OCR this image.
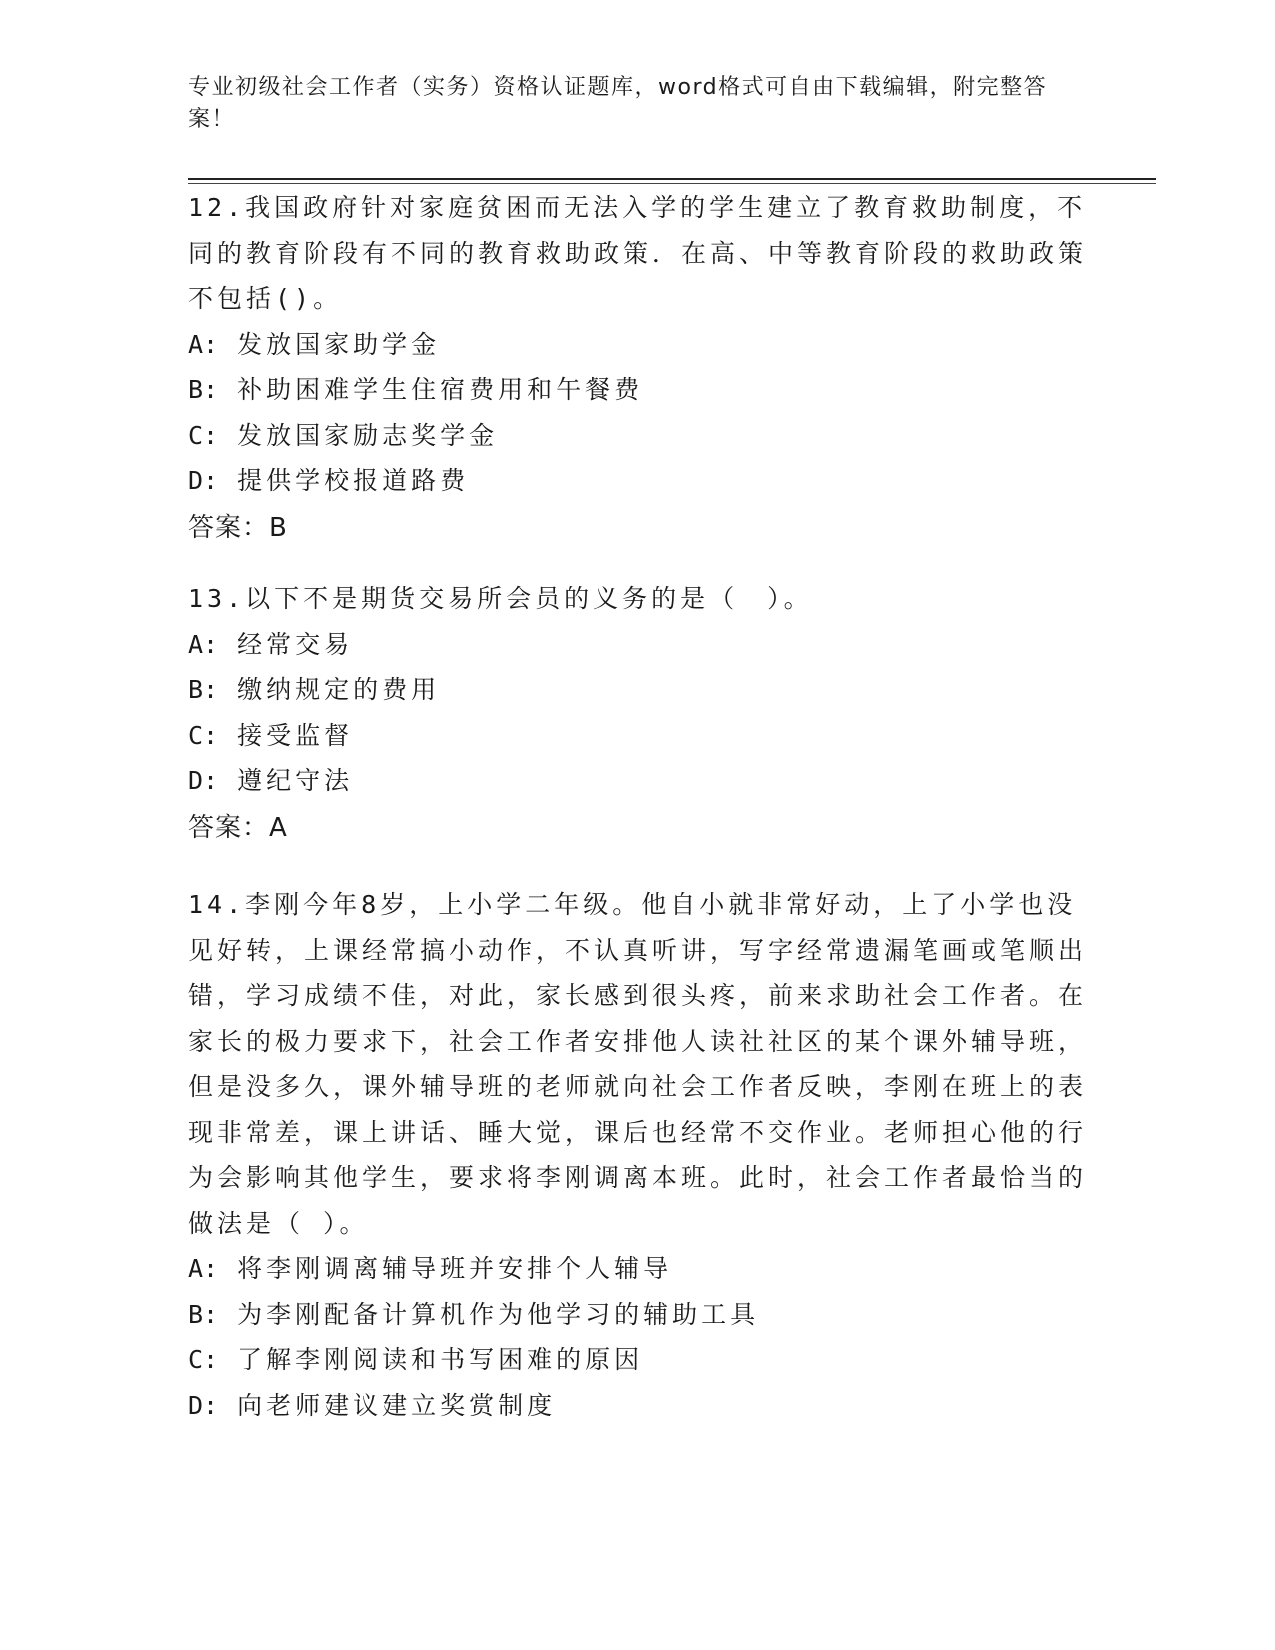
专业初级社会工作者（实务）资格认证题库，word格式可自由下载编辑，附完整答案！
12.我国政府针对家庭贫困而无法入学的学生建立了教育救助制度，不同的教育阶段有不同的教育救助政策．在高、中等教育阶段的救助政策不包括()。
A: 发放国家助学金
B: 补助困难学生住宿费用和午餐费
C: 发放国家励志奖学金
D: 提供学校报道路费
答案：B
13.以下不是期货交易所会员的义务的是（　）。
A: 经常交易
B: 缴纳规定的费用
C: 接受监督
D: 遵纪守法
答案：A
14.李刚今年8岁，上小学二年级。他自小就非常好动，上了小学也没见好转，上课经常搞小动作，不认真听讲，写字经常遗漏笔画或笔顺出错，学习成绩不佳，对此，家长感到很头疼，前来求助社会工作者。在家长的极力要求下，社会工作者安排他人读社社区的某个课外辅导班，但是没多久，课外辅导班的老师就向社会工作者反映，李刚在班上的表现非常差，课上讲话、睡大觉，课后也经常不交作业。老师担心他的行为会影响其他学生，要求将李刚调离本班。此时，社会工作者最恰当的做法是（ ）。
A: 将李刚调离辅导班并安排个人辅导
B: 为李刚配备计算机作为他学习的辅助工具
C: 了解李刚阅读和书写困难的原因
D: 向老师建议建立奖赏制度
